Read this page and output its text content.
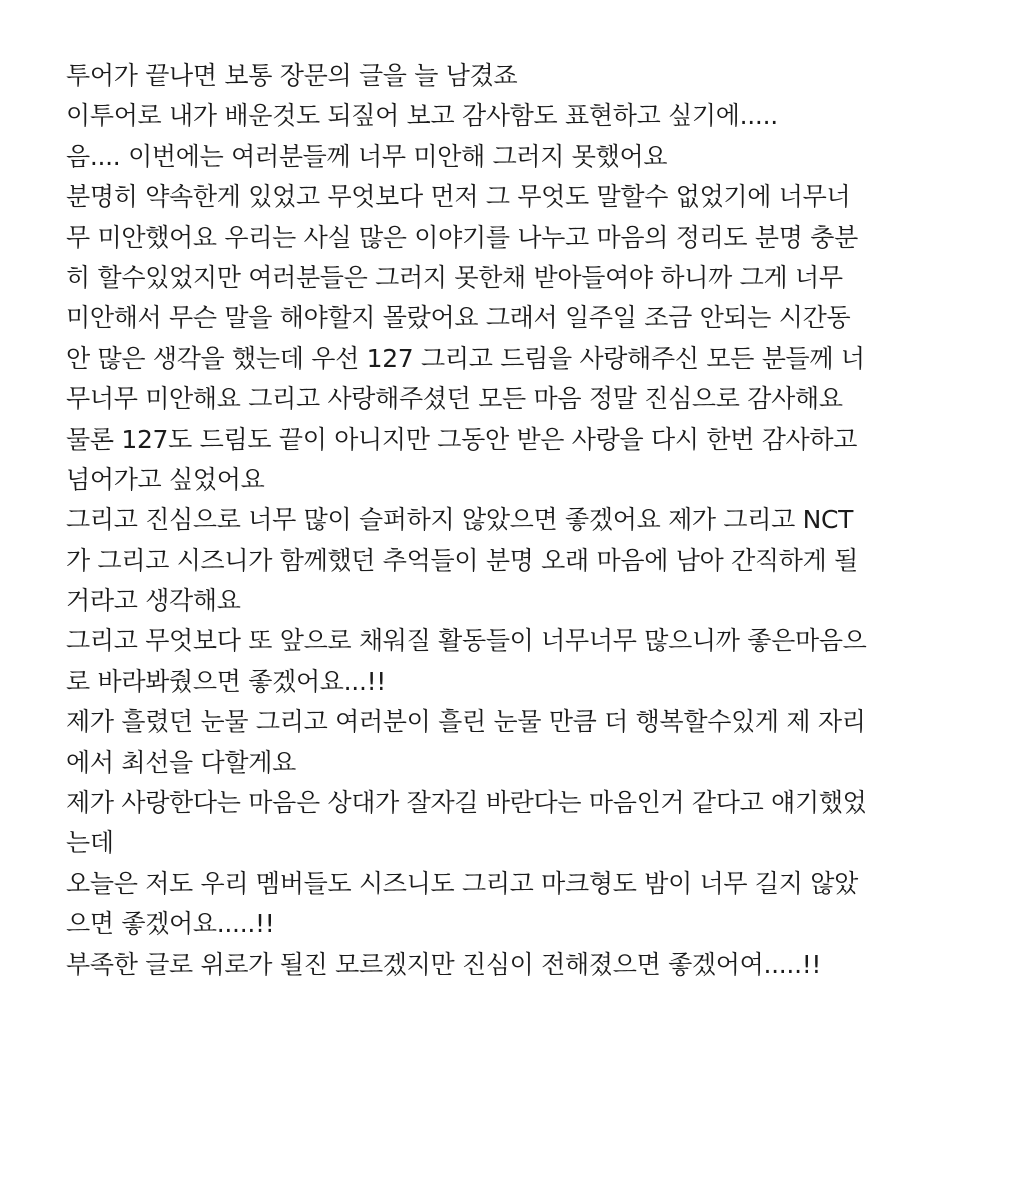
투어가 끝나면 보통 장문의 글을 늘 남겼죠
이투어로 내가 배운것도 되짚어 보고 감사함도 표현하고 싶기에.....
음.... 이번에는 여러분들께 너무 미안해 그러지 못했어요
분명히 약속한게 있었고 무엇보다 먼저 그 무엇도 말할수 없었기에 너무너
무 미안했어요 우리는 사실 많은 이야기를 나누고 마음의 정리도 분명 충분
히 할수있었지만 여러분들은 그러지 못한채 받아들여야 하니까 그게 너무
미안해서 무슨 말을 해야할지 몰랐어요 그래서 일주일 조금 안되는 시간동
안 많은 생각을 했는데 우선 127 그리고 드림을 사랑해주신 모든 분들께 너
무너무 미안해요 그리고 사랑해주셨던 모든 마음 정말 진심으로 감사해요
물론 127도 드림도 끝이 아니지만 그동안 받은 사랑을 다시 한번 감사하고
넘어가고 싶었어요
그리고 진심으로 너무 많이 슬퍼하지 않았으면 좋겠어요 제가 그리고 NCT
가 그리고 시즈니가 함께했던 추억들이 분명 오래 마음에 남아 간직하게 될
거라고 생각해요
그리고 무엇보다 또 앞으로 채워질 활동들이 너무너무 많으니까 좋은마음으
로 바라봐줬으면 좋겠어요...!!
제가 흘렸던 눈물 그리고 여러분이 흘린 눈물 만큼 더 행복할수있게 제 자리
에서 최선을 다할게요
제가 사랑한다는 마음은 상대가 잘자길 바란다는 마음인거 같다고 얘기했었
는데
오늘은 저도 우리 멤버들도 시즈니도 그리고 마크형도 밤이 너무 길지 않았
으면 좋겠어요.....!!
부족한 글로 위로가 될진 모르겠지만 진심이 전해졌으면 좋겠어여.....!!
